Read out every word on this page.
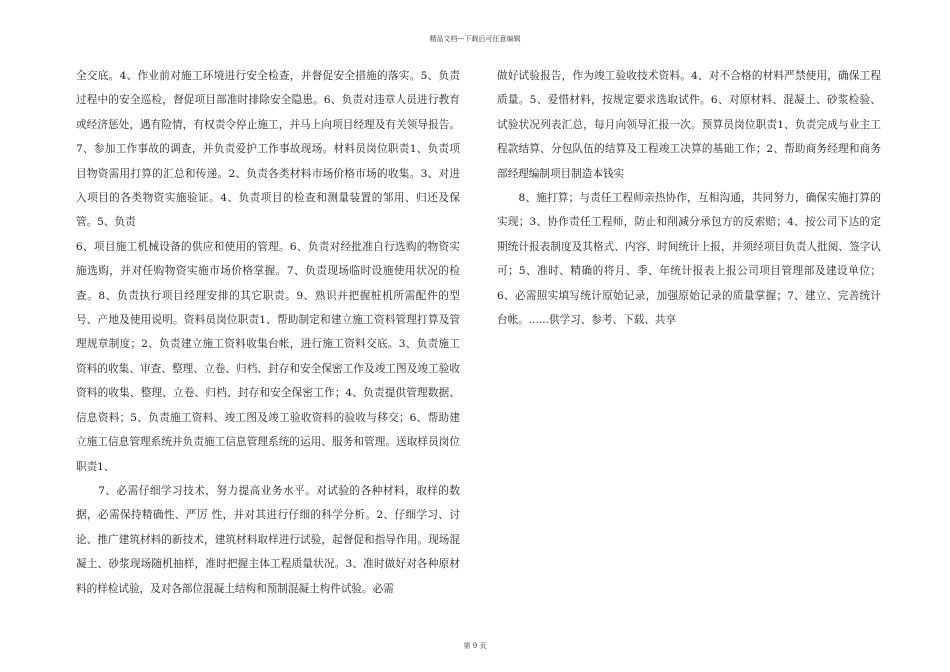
精品文档---下载后可任意编辑

全交底。4、作业前对施工环境进行安全检查，并督促安全措施的落实。5、负责过程中的安全巡检，督促项目部准时排除安全隐患。6、负责对违章人员进行教育或经济惩处，遇有险情，有权责令停止施工，并马上向项目经理及有关领导报告。7、参加工作事故的调查，并负责爱护工作事故现场。材料员岗位职责1、负责项目物资需用打算的汇总和传递。2、负责各类材料市场价格市场的收集。3、对进入项目的各类物资实施验证。4、负责项目的检查和测量装置的邹用、归还及保管。5、负责

6、项目施工机械设备的供应和使用的管理。6、负责对经批准自行选购的物资实施选购，并对任购物资实施市场价格掌握。7、负责现场临时设施使用状况的检查。8、负责执行项目经理安排的其它职责。9、熟识并把握桩机所需配件的型号、产地及使用说明。资料员岗位职责1、帮助制定和建立施工资料管理打算及管理规章制度；2、负责建立施工资料收集台帐，进行施工资料交底。3、负责施工资料的收集、审查、整理、立卷、归档、封存和安全保密工作及竣工图及竣工验收资料的收集、整理、立卷、归档、封存和安全保密工作；4、负责提供管理数据、信息资料；5、负责施工资料、竣工图及竣工验收资料的验收与移交；6、帮助建立施工信息管理系统并负责施工信息管理系统的运用、服务和管理。送取样员岗位职责1、

　　7、必需仔细学习技术，努力提高业务水平。对试验的各种材料，取样的数据，必需保持精确性、严厉 性，并对其进行仔细的科学分析。2、仔细学习、讨论、推广建筑材料的新技术，建筑材料取样进行试验，起督促和指导作用。现场混凝土、砂浆现场随机抽样，准时把握主体工程质量状况。3、准时做好对各种原材料的样检试验，及对各部位混凝土结构和预制混凝土构件试验。必需

做好试验报告，作为竣工验收技术资料。4、对不合格的材料严禁使用，确保工程质量。5、爱惜材料，按规定要求选取试件。6、对原材料、混凝土、砂浆检验、试验状况列表汇总，每月向领导汇报一次。预算员岗位职责1、负责完成与业主工程款结算、分包队伍的结算及工程竣工决算的基础工作；2、帮助商务经理和商务部经理编制项目制造本钱实

　　8、施打算；与责任工程师亲热协作，互相沟通，共同努力，确保实施打算的实现；3、协作责任工程师，防止和削减分承包方的反索赔；4、按公司下达的定期统计报表制度及其格式、内容、时间统计上报，并须经项目负责人批阅、签字认可；5、准时、精确的将月、季、年统计报表上报公司项目管理部及建设单位；6、必需照实填写统计原始记录，加强原始记录的质量掌握；7、建立、完善统计台帐。......供学习、参考、下载、共享

第 9 页
